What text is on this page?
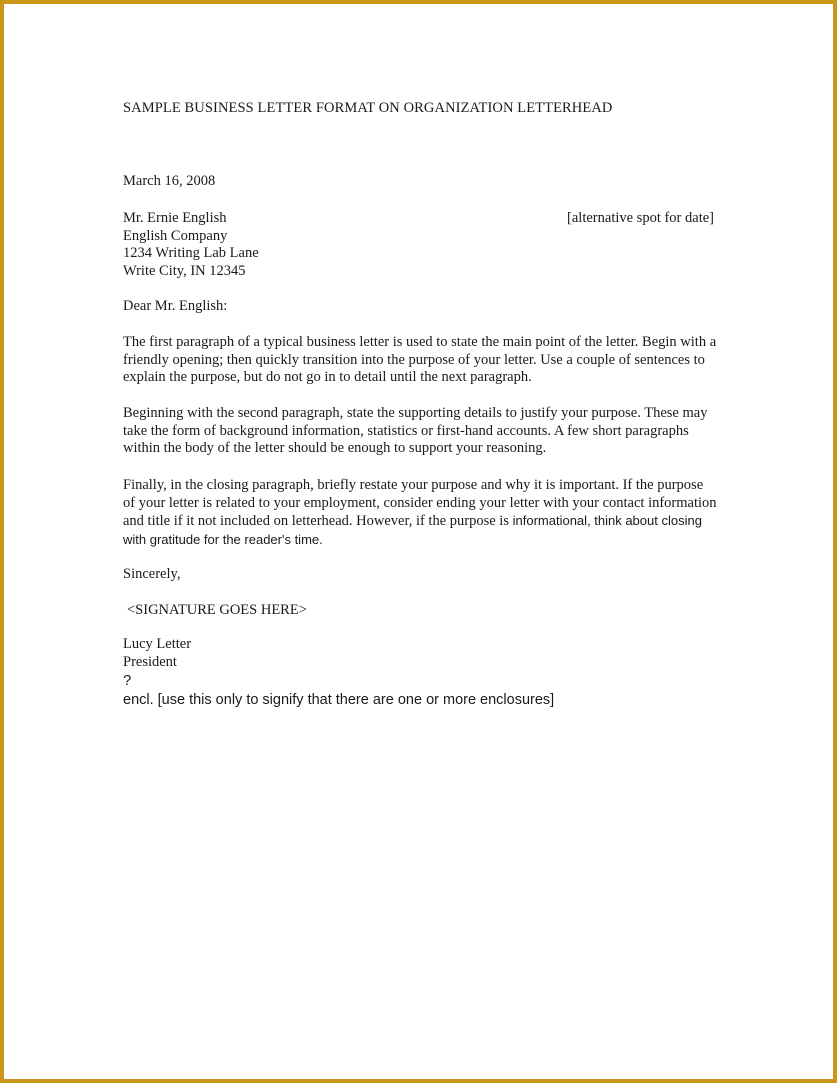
SAMPLE BUSINESS LETTER FORMAT ON ORGANIZATION LETTERHEAD

March 16, 2008

Mr. Ernie English
English Company
1234 Writing Lab Lane
Write City, IN 12345

[alternative spot for date]

Dear Mr. English:

The first paragraph of a typical business letter is used to state the main point of the letter. Begin with a friendly opening; then quickly transition into the purpose of your letter. Use a couple of sentences to explain the purpose, but do not go in to detail until the next paragraph.

Beginning with the second paragraph, state the supporting details to justify your purpose. These may take the form of background information, statistics or first-hand accounts. A few short paragraphs within the body of the letter should be enough to support your reasoning.

Finally, in the closing paragraph, briefly restate your purpose and why it is important. If the purpose of your letter is related to your employment, consider ending your letter with your contact information and title if it not included on letterhead. However, if the purpose is informational, think about closing with gratitude for the reader's time.

Sincerely,

<SIGNATURE GOES HERE>

Lucy Letter
President

?

encl. [use this only to signify that there are one or more enclosures]
